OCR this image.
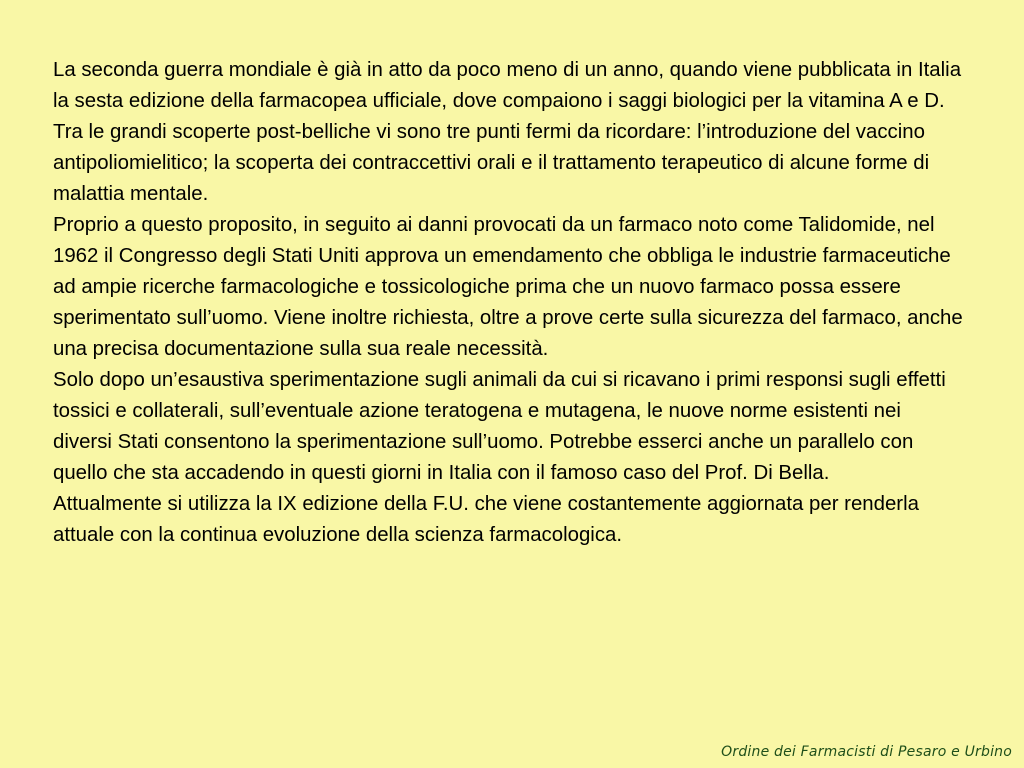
La seconda guerra mondiale è già in atto da poco meno di un anno, quando viene pubblicata in Italia la sesta edizione della farmacopea ufficiale, dove compaiono i saggi biologici per la vitamina A e D.

Tra le grandi scoperte post-belliche vi sono tre punti fermi da ricordare: l’introduzione del vaccino antipoliomielitico; la scoperta dei contraccettivi orali e il trattamento terapeutico di alcune forme di malattia mentale.

Proprio a questo proposito, in seguito ai danni provocati da un farmaco noto come Talidomide, nel 1962 il Congresso degli Stati Uniti approva un emendamento che obbliga le industrie farmaceutiche ad ampie ricerche farmacologiche e tossicologiche prima che un nuovo farmaco possa essere sperimentato sull’uomo. Viene inoltre richiesta, oltre a prove certe sulla sicurezza del farmaco, anche una precisa documentazione sulla sua reale necessità.

Solo dopo un’esaustiva sperimentazione sugli animali da cui si ricavano i primi responsi sugli effetti tossici e collaterali, sull’eventuale azione teratogena e mutagena, le nuove norme esistenti nei diversi Stati consentono la sperimentazione sull’uomo. Potrebbe esserci anche un parallelo con quello che sta accadendo in questi giorni in Italia con il famoso caso del Prof. Di Bella.

Attualmente si utilizza la IX edizione della F.U. che viene costantemente aggiornata per renderla attuale con la continua evoluzione della scienza farmacologica.

Ordine dei Farmacisti di Pesaro e Urbino
